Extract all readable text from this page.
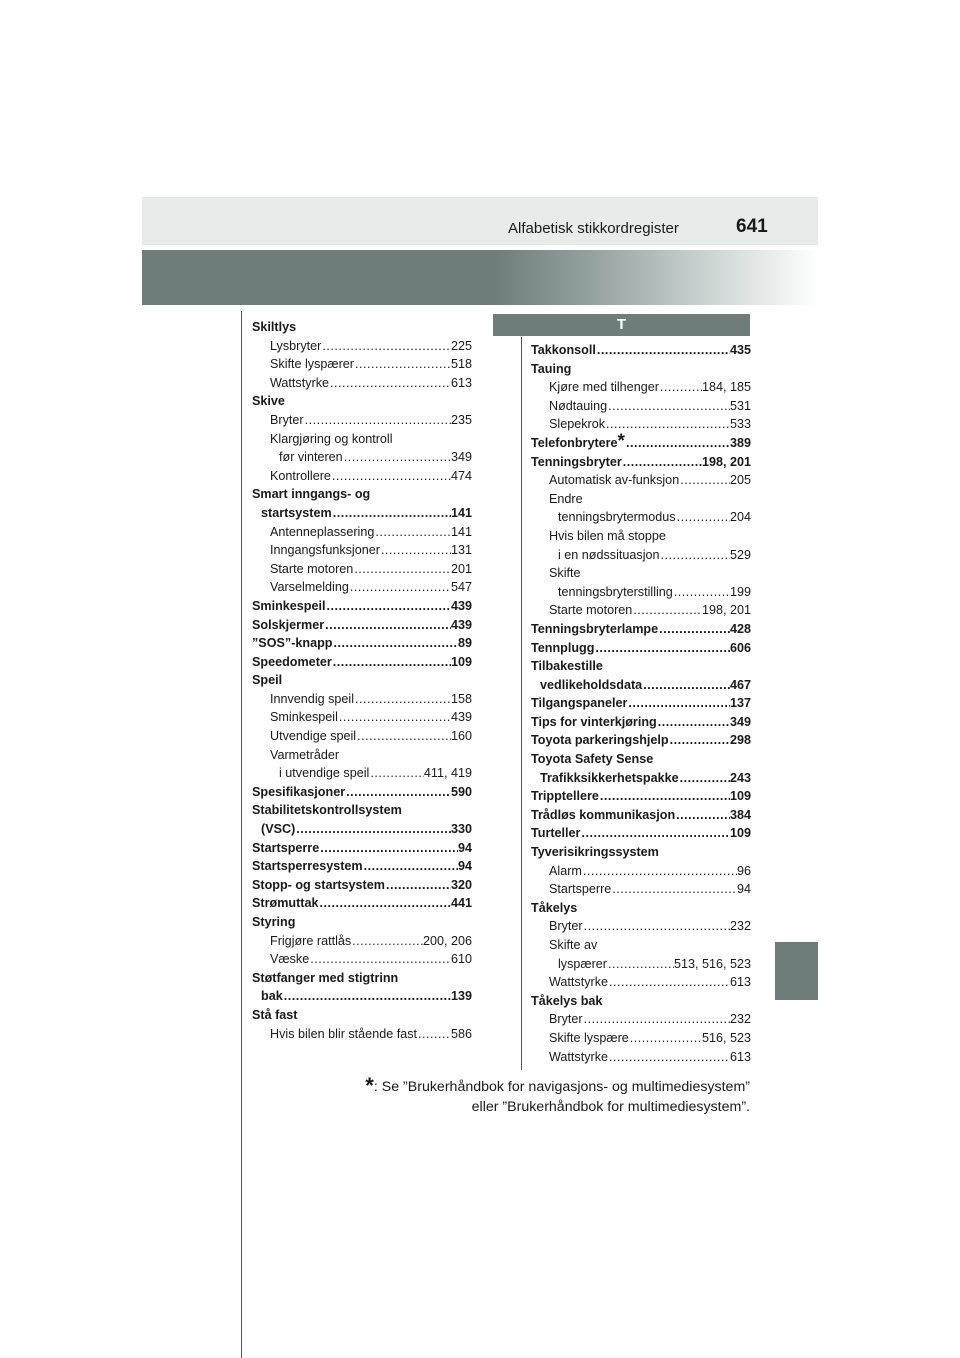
Alfabetisk stikkordregister	641
T
Skiltlys
Lysbryter .....	225
Skifte lyspærer .....	518
Wattstyrke .....	613
Skive
Bryter .....	235
Klargjøring og kontroll
før vinteren .....	349
Kontrollere .....	474
Smart inngangs- og
startsystem .....	141
Antenneplassering .....	141
Inngangsfunksjoner .....	131
Starte motoren .....	201
Varselmelding .....	547
Sminkespeil .....	439
Solskjermer .....	439
”SOS”-knapp .....	89
Speedometer .....	109
Speil
Innvendig speil .....	158
Sminkespeil .....	439
Utvendige speil .....	160
Varmetråder
i utvendige speil .....	411, 419
Spesifikasjoner .....	590
Stabilitetskontrollsystem
(VSC) .....	330
Startsperre .....	94
Startsperresystem .....	94
Stopp- og startsystem .....	320
Strømuttak .....	441
Styring
Frigjøre rattlås .....	200, 206
Væske .....	610
Støtfanger med stigtrinn
bak .....	139
Stå fast
Hvis bilen blir stående fast .....	586
Takkonsoll .....	435
Tauing
Kjøre med tilhenger .....	184, 185
Nødtauing .....	531
Slepekrok .....	533
Telefonbrytere * .....	389
Tenningsbryter .....	198, 201
Automatisk av-funksjon .....	205
Endre
tenningsbrytermodus .....	204
Hvis bilen må stoppe
i en nødssituasjon .....	529
Skifte
tenningsbryterstilling .....	199
Starte motoren .....	198, 201
Tenningsbryterlampe .....	428
Tennplugg .....	606
Tilbakestille
vedlikeholdsdata .....	467
Tilgangspaneler .....	137
Tips for vinterkjøring .....	349
Toyota parkeringshjelp .....	298
Toyota Safety Sense
Trafikksikkerhetspakke .....	243
Tripptellere .....	109
Trådløs kommunikasjon .....	384
Turteller .....	109
Tyverisikringssystem
Alarm .....	96
Startsperre .....	94
Tåkelys
Bryter .....	232
Skifte av
lyspærer .....	513, 516, 523
Wattstyrke .....	613
Tåkelys bak
Bryter .....	232
Skifte lyspære .....	516, 523
Wattstyrke .....	613
*: Se ”Brukerhåndbok for navigasjons- og multimediesystem”
eller ”Brukerhåndbok for multimediesystem”.
